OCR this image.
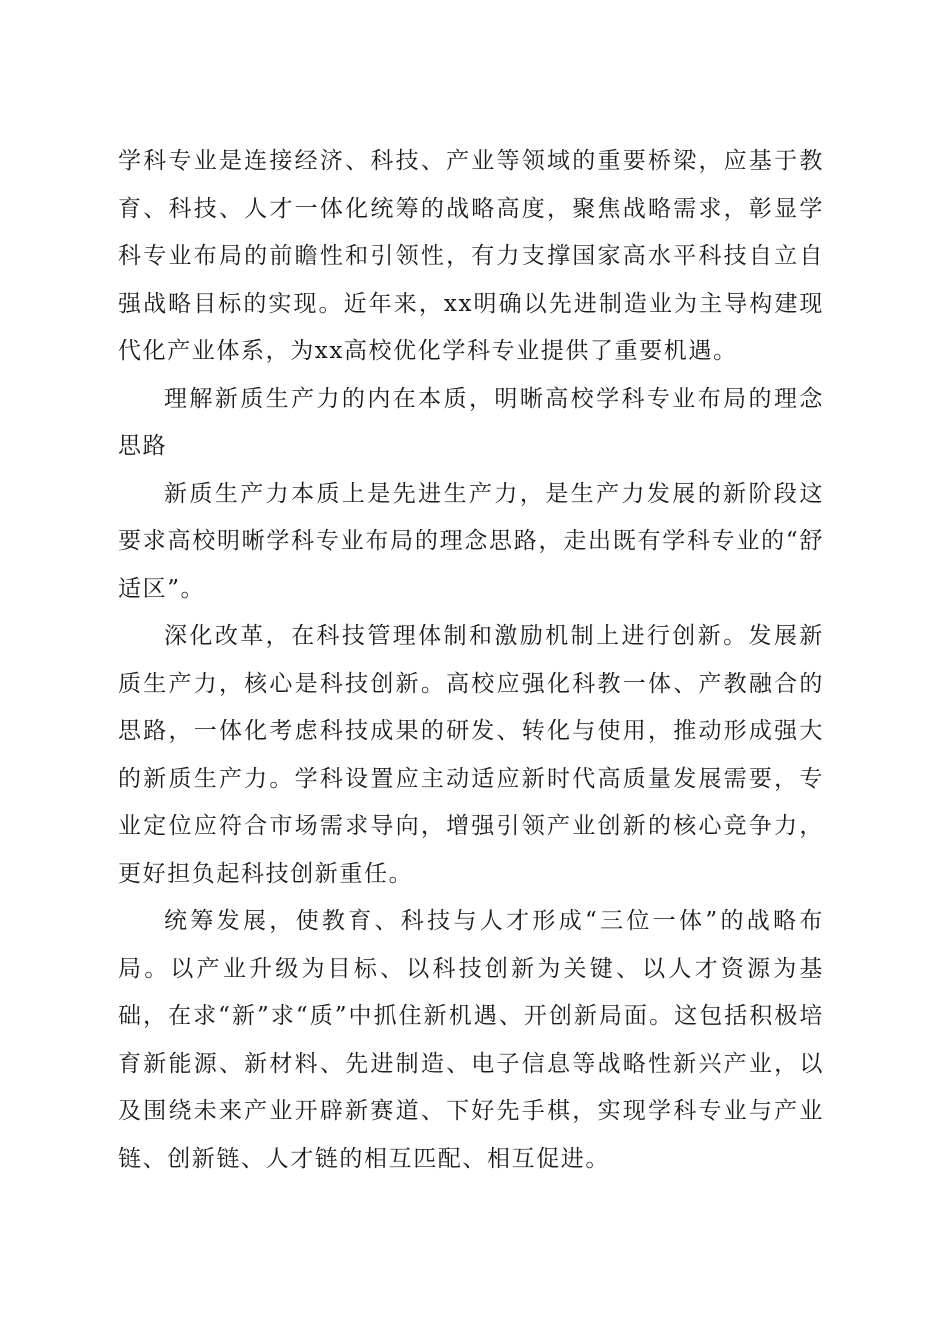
学科专业是连接经济、科技、产业等领域的重要桥梁，应基于教育、科技、人才一体化统筹的战略高度，聚焦战略需求，彰显学科专业布局的前瞻性和引领性，有力支撑国家高水平科技自立自强战略目标的实现。近年来，xx明确以先进制造业为主导构建现代化产业体系，为xx高校优化学科专业提供了重要机遇。

理解新质生产力的内在本质，明晰高校学科专业布局的理念思路

新质生产力本质上是先进生产力，是生产力发展的新阶段这要求高校明晰学科专业布局的理念思路，走出既有学科专业的“舒适区”。

深化改革，在科技管理体制和激励机制上进行创新。发展新质生产力，核心是科技创新。高校应强化科教一体、产教融合的思路，一体化考虑科技成果的研发、转化与使用，推动形成强大的新质生产力。学科设置应主动适应新时代高质量发展需要，专业定位应符合市场需求导向，增强引领产业创新的核心竞争力，更好担负起科技创新重任。

统筹发展，使教育、科技与人才形成“三位一体”的战略布局。以产业升级为目标、以科技创新为关键、以人才资源为基础，在求“新”求“质”中抓住新机遇、开创新局面。这包括积极培育新能源、新材料、先进制造、电子信息等战略性新兴产业，以及围绕未来产业开辟新赛道、下好先手棋，实现学科专业与产业链、创新链、人才链的相互匹配、相互促进。
